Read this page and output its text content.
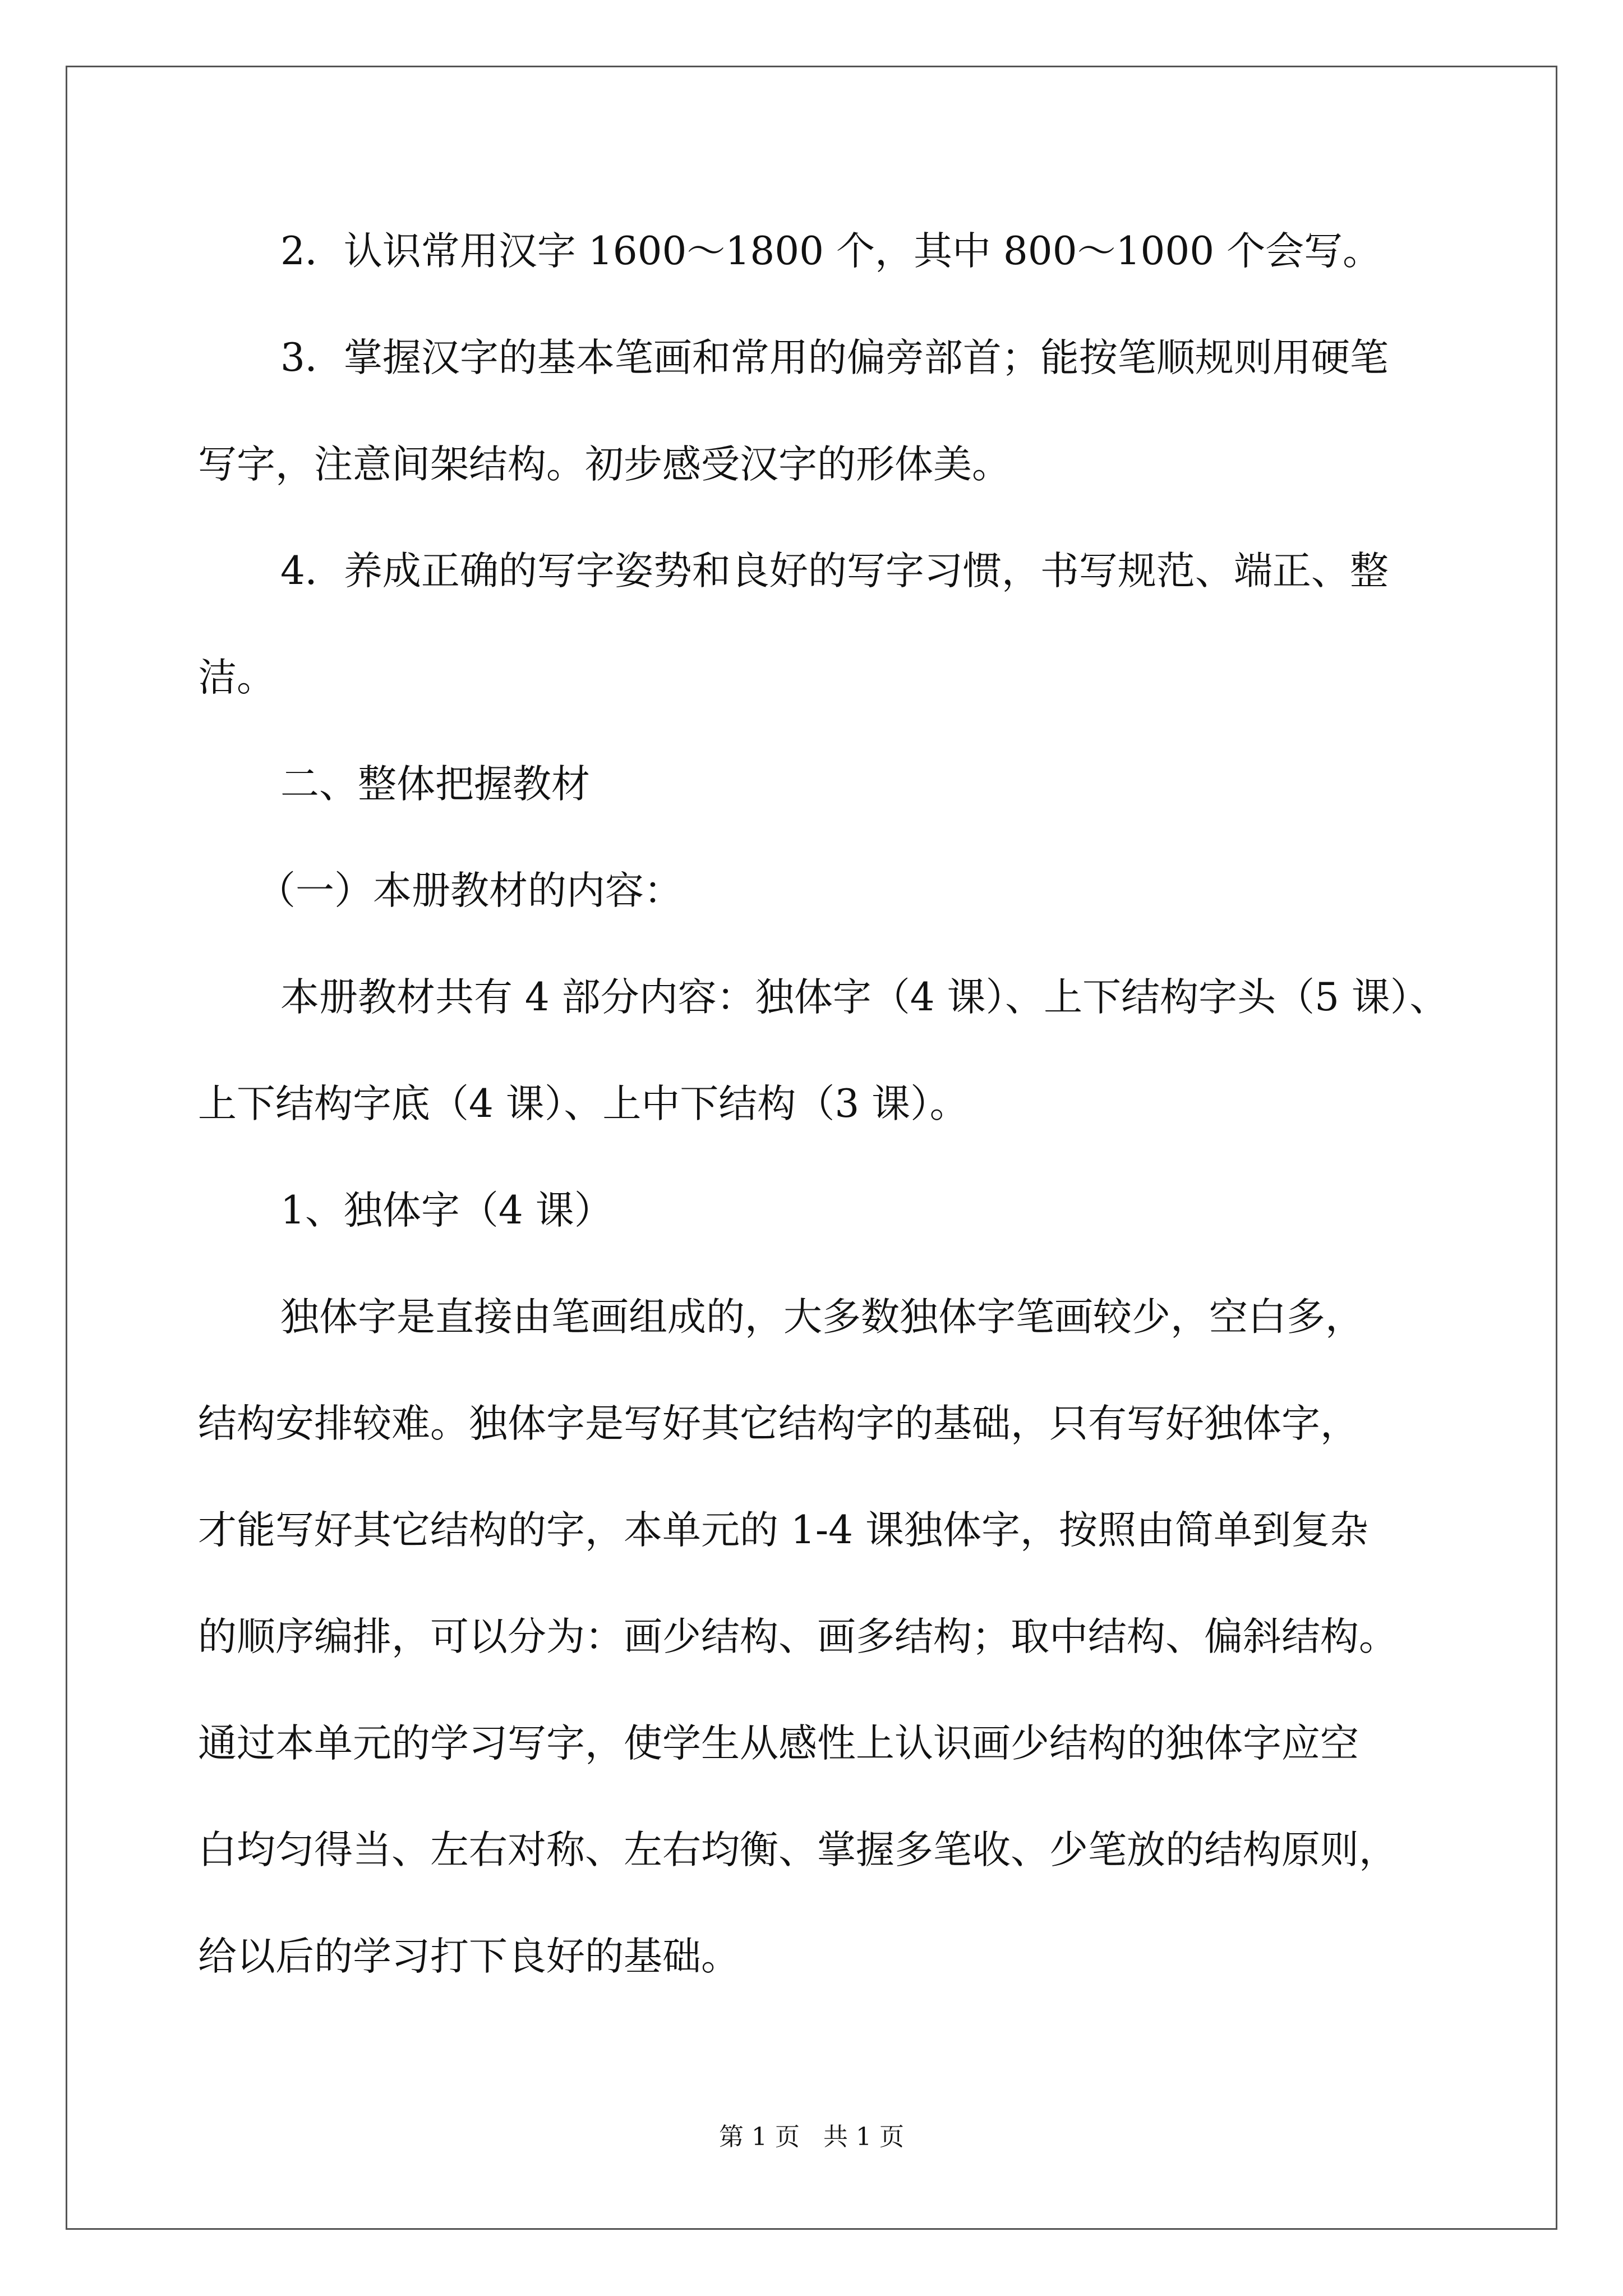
2．认识常用汉字 1600～1800 个，其中 800～1000 个会写。

3．掌握汉字的基本笔画和常用的偏旁部首；能按笔顺规则用硬笔

写字，注意间架结构。初步感受汉字的形体美。

4．养成正确的写字姿势和良好的写字习惯，书写规范、端正、整

洁。

二、整体把握教材

（一）本册教材的内容：

本册教材共有 4 部分内容：独体字（4 课）、上下结构字头（5 课）、

上下结构字底（4 课）、上中下结构（3 课）。

1、独体字（4 课）

独体字是直接由笔画组成的，大多数独体字笔画较少，空白多，

结构安排较难。独体字是写好其它结构字的基础，只有写好独体字，

才能写好其它结构的字，本单元的 1-4 课独体字，按照由简单到复杂

的顺序编排，可以分为：画少结构、画多结构；取中结构、偏斜结构。

通过本单元的学习写字，使学生从感性上认识画少结构的独体字应空

白均匀得当、左右对称、左右均衡、掌握多笔收、少笔放的结构原则，

给以后的学习打下良好的基础。

第 1 页   共 1 页
